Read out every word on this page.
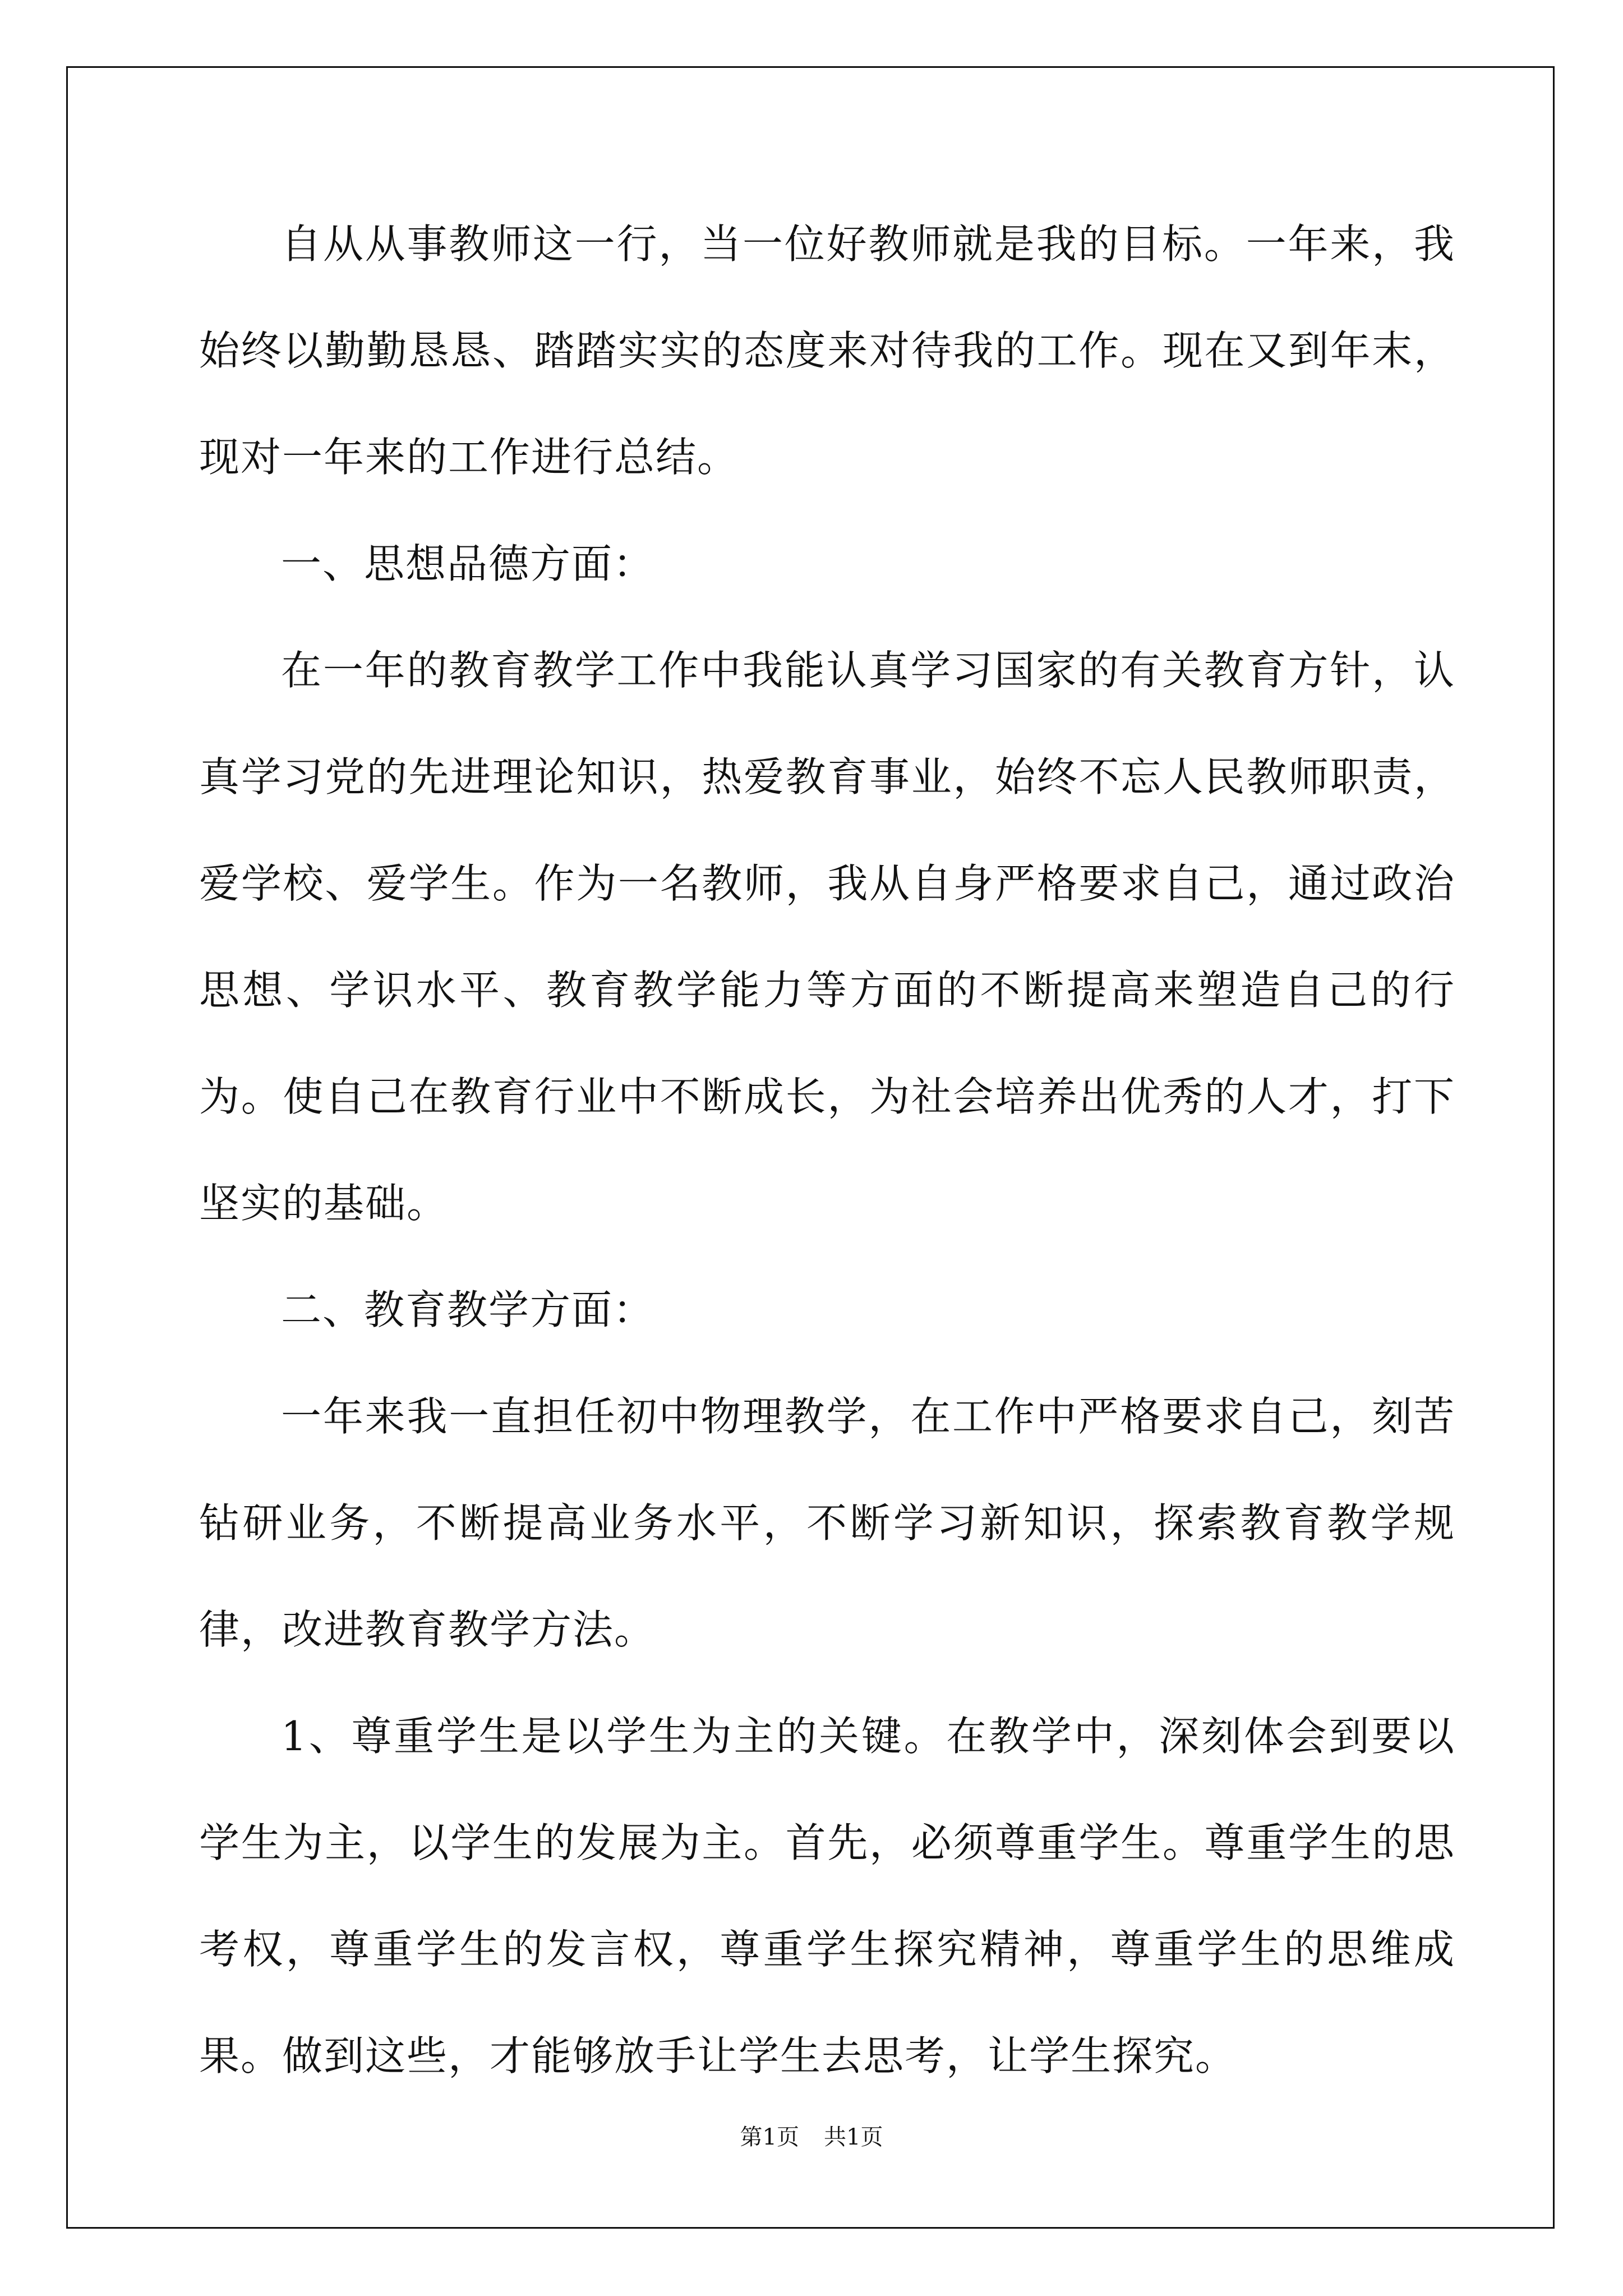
自从从事教师这一行，当一位好教师就是我的目标。一年来，我始终以勤勤恳恳、踏踏实实的态度来对待我的工作。现在又到年末，现对一年来的工作进行总结。

一、思想品德方面：

在一年的教育教学工作中我能认真学习国家的有关教育方针，认真学习党的先进理论知识，热爱教育事业，始终不忘人民教师职责，爱学校、爱学生。作为一名教师，我从自身严格要求自己，通过政治思想、学识水平、教育教学能力等方面的不断提高来塑造自己的行为。使自己在教育行业中不断成长，为社会培养出优秀的人才，打下坚实的基础。

二、教育教学方面：

一年来我一直担任初中物理教学，在工作中严格要求自己，刻苦钻研业务，不断提高业务水平，不断学习新知识，探索教育教学规律，改进教育教学方法。

1、尊重学生是以学生为主的关键。在教学中，深刻体会到要以学生为主，以学生的发展为主。首先，必须尊重学生。尊重学生的思考权，尊重学生的发言权，尊重学生探究精神，尊重学生的思维成果。做到这些，才能够放手让学生去思考，让学生探究。

第1页 共1页
